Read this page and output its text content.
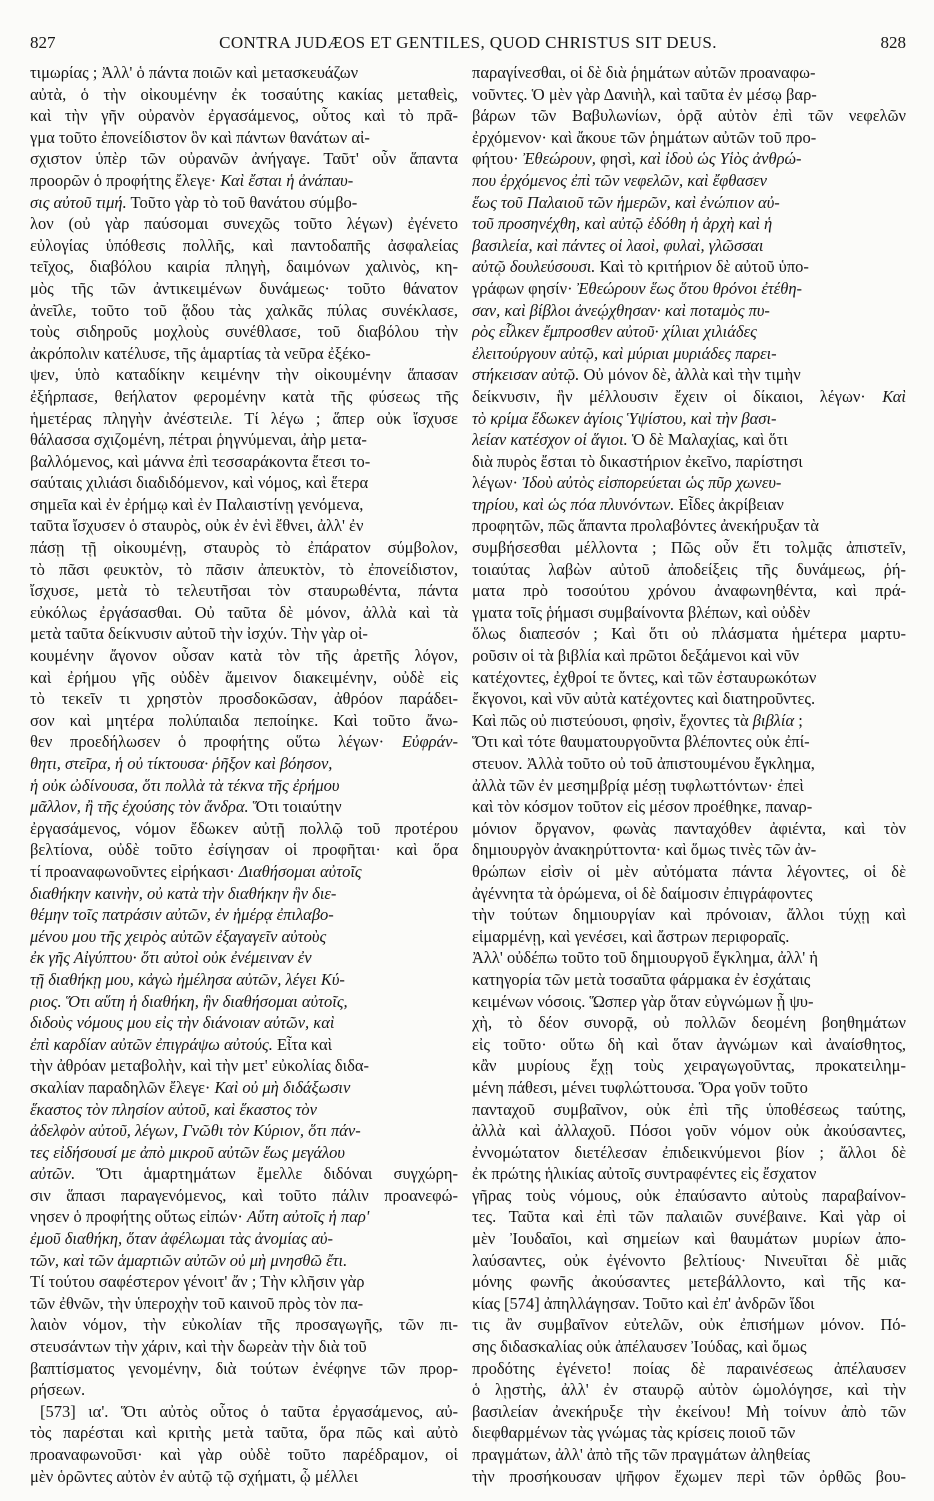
827	CONTRA JUDÆOS ET GENTILES, QUOD CHRISTUS SIT DEUS.	828
τιμωρίας ; Ἀλλ' ὁ πάντα ποιῶν καὶ μετασκευάζων
αὐτὰ, ὁ τὴν οἰκουμένην ἐκ τοσαύτης κακίας μεταθεὶς,
καὶ τὴν γῆν οὐρανὸν ἐργασάμενος, οὗτος καὶ τὸ πρᾶ-
γμα τοῦτο ἐπονείδιστον ὃν καὶ πάντων θανάτων αἰ-
σχιστον ὑπὲρ τῶν οὐρανῶν ἀνήγαγε. Ταῦτ' οὖν ἅπαντα
προορῶν ὁ προφήτης ἔλεγε· Καὶ ἔσται ἡ ἀνάπαυ-
σις αὐτοῦ τιμή. Τοῦτο γὰρ τὸ τοῦ θανάτου σύμβο-
λον (οὐ γὰρ παύσομαι συνεχῶς τοῦτο λέγων) ἐγένετο
εὐλογίας ὑπόθεσις πολλῆς, καὶ παντοδαπῆς ἀσφαλείας
τεῖχος, διαβόλου καιρία πληγὴ, δαιμόνων χαλινὸς, κη-
μὸς τῆς τῶν ἀντικειμένων δυνάμεως· τοῦτο θάνατον
ἀνεῖλε, τοῦτο τοῦ ᾅδου τὰς χαλκᾶς πύλας συνέκλασε,
τοὺς σιδηροῦς μοχλοὺς συνέθλασε, τοῦ διαβόλου τὴν
ἀκρόπολιν κατέλυσε, τῆς ἁμαρτίας τὰ νεῦρα ἐξέκο-
ψεν, ὑπὸ καταδίκην κειμένην τὴν οἰκουμένην ἅπασαν
ἐξήρπασε, θεήλατον φερομένην κατὰ τῆς φύσεως τῆς
ἡμετέρας πληγὴν ἀνέστειλε. Τί λέγω ; ἅπερ οὐκ ἴσχυσε
θάλασσα σχιζομένη, πέτραι ῥηγνύμεναι, ἀὴρ μετα-
βαλλόμενος, καὶ μάννα ἐπὶ τεσσαράκοντα ἔτεσι το-
σαύταις χιλιάσι διαδιδόμενον, καὶ νόμος, καὶ ἕτερα
σημεῖα καὶ ἐν ἐρήμῳ καὶ ἐν Παλαιστίνῃ γενόμενα,
ταῦτα ἴσχυσεν ὁ σταυρὸς, οὐκ ἐν ἑνὶ ἔθνει, ἀλλ' ἐν
πάσῃ τῇ οἰκουμένῃ, σταυρὸς τὸ ἐπάρατον σύμβολον,
τὸ πᾶσι φευκτὸν, τὸ πᾶσιν ἀπευκτὸν, τὸ ἐπονείδιστον,
ἴσχυσε, μετὰ τὸ τελευτῆσαι τὸν σταυρωθέντα, πάντα
εὐκόλως ἐργάσασθαι. Οὐ ταῦτα δὲ μόνον, ἀλλὰ καὶ τὰ
μετὰ ταῦτα δείκνυσιν αὐτοῦ τὴν ἰσχύν. Τὴν γὰρ οἰ-
κουμένην ἄγονον οὖσαν κατὰ τὸν τῆς ἀρετῆς λόγον,
καὶ ἐρήμου γῆς οὐδὲν ἄμεινον διακειμένην, οὐδὲ εἰς
τὸ τεκεῖν τι χρηστὸν προσδοκῶσαν, ἀθρόον παράδει-
σον καὶ μητέρα πολύπαιδα πεποίηκε. Καὶ τοῦτο ἄνω-
θεν προεδήλωσεν ὁ προφήτης οὕτω λέγων· Εὐφράν-
θητι, στεῖρα, ἡ οὐ τίκτουσα· ῥῆξον καὶ βόησον,
ἡ οὐκ ὠδίνουσα, ὅτι πολλὰ τὰ τέκνα τῆς ἐρήμου
μᾶλλον, ἢ τῆς ἐχούσης τὸν ἄνδρα. Ὅτι τοιαύτην
ἐργασάμενος, νόμον ἔδωκεν αὐτῇ πολλῷ τοῦ προτέρου
βελτίονα, οὐδὲ τοῦτο ἐσίγησαν οἱ προφῆται· καὶ ὅρα
τί προαναφωνοῦντες εἰρήκασι· Διαθήσομαι αὐτοῖς
διαθήκην καινὴν, οὐ κατὰ τὴν διαθήκην ἣν διε-
θέμην τοῖς πατράσιν αὐτῶν, ἐν ἡμέρᾳ ἐπιλαβο-
μένου μου τῆς χειρὸς αὐτῶν ἐξαγαγεῖν αὐτοὺς
ἐκ γῆς Αἰγύπτου· ὅτι αὐτοὶ οὐκ ἐνέμειναν ἐν
τῇ διαθήκῃ μου, κἀγὼ ἠμέλησα αὐτῶν, λέγει Κύ-
ριος. Ὅτι αὕτη ἡ διαθήκη, ἣν διαθήσομαι αὐτοῖς,
διδοὺς νόμους μου εἰς τὴν διάνοιαν αὐτῶν, καὶ
ἐπὶ καρδίαν αὐτῶν ἐπιγράψω αὐτούς. Εἶτα καὶ
τὴν ἀθρόαν μεταβολὴν, καὶ τὴν μετ' εὐκολίας διδα-
σκαλίαν παραδηλῶν ἔλεγε· Καὶ οὐ μὴ διδάξωσιν
ἕκαστος τὸν πλησίον αὐτοῦ, καὶ ἕκαστος τὸν
ἀδελφὸν αὐτοῦ, λέγων, Γνῶθι τὸν Κύριον, ὅτι πάν-
τες εἰδήσουσί με ἀπὸ μικροῦ αὐτῶν ἕως μεγάλου
αὐτῶν. Ὅτι ἁμαρτημάτων ἔμελλε διδόναι συγχώρη-
σιν ἅπασι παραγενόμενος, καὶ τοῦτο πάλιν προανεφώ-
νησεν ὁ προφήτης οὕτως εἰπών· Αὕτη αὐτοῖς ἡ παρ'
ἐμοῦ διαθήκη, ὅταν ἀφέλωμαι τὰς ἀνομίας αὐ-
τῶν, καὶ τῶν ἁμαρτιῶν αὐτῶν οὐ μὴ μνησθῶ ἔτι.
Τί τούτου σαφέστερον γένοιτ' ἄν ; Τὴν κλῆσιν γὰρ
τῶν ἐθνῶν, τὴν ὑπεροχὴν τοῦ καινοῦ πρὸς τὸν πα-
λαιὸν νόμον, τὴν εὐκολίαν τῆς προσαγωγῆς, τῶν πι-
στευσάντων τὴν χάριν, καὶ τὴν δωρεὰν τὴν διὰ τοῦ
βαπτίσματος γενομένην, διὰ τούτων ἐνέφηνε τῶν προρ-
ρήσεων.
[573] ια'. Ὅτι αὐτὸς οὗτος ὁ ταῦτα ἐργασάμενος, αὐ-
τὸς παρέσται καὶ κριτὴς μετὰ ταῦτα, ὅρα πῶς καὶ αὐτὸ
προαναφωνοῦσι· καὶ γὰρ οὐδὲ τοῦτο παρέδραμον, οἱ
μὲν ὁρῶντες αὐτὸν ἐν αὐτῷ τῷ σχήματι, ᾧ μέλλει
παραγίνεσθαι, οἱ δὲ διὰ ῥημάτων αὐτῶν προαναφω-
νοῦντες. Ὁ μὲν γὰρ Δανιὴλ, καὶ ταῦτα ἐν μέσῳ βαρ-
βάρων τῶν Βαβυλωνίων, ὁρᾷ αὐτὸν ἐπὶ τῶν νεφελῶν
ἐρχόμενον· καὶ ἄκουε τῶν ῥημάτων αὐτῶν τοῦ προ-
φήτου· Ἐθεώρουν, φησὶ, καὶ ἰδοὺ ὡς Υἱὸς ἀνθρώ-
που ἐρχόμενος ἐπὶ τῶν νεφελῶν, καὶ ἔφθασεν
ἕως τοῦ Παλαιοῦ τῶν ἡμερῶν, καὶ ἐνώπιον αὐ-
τοῦ προσηνέχθη, καὶ αὐτῷ ἐδόθη ἡ ἀρχὴ καὶ ἡ
βασιλεία, καὶ πάντες οἱ λαοὶ, φυλαὶ, γλῶσσαι
αὐτῷ δουλεύσουσι. Καὶ τὸ κριτήριον δὲ αὐτοῦ ὑπο-
γράφων φησίν· Ἐθεώρουν ἕως ὅτου θρόνοι ἐτέθη-
σαν, καὶ βίβλοι ἀνεῴχθησαν· καὶ ποταμὸς πυ-
ρὸς εἷλκεν ἔμπροσθεν αὐτοῦ· χίλιαι χιλιάδες
ἐλειτούργουν αὐτῷ, καὶ μύριαι μυριάδες παρει-
στήκεισαν αὐτῷ. Οὐ μόνον δὲ, ἀλλὰ καὶ τὴν τιμὴν
δείκνυσιν, ἣν μέλλουσιν ἔχειν οἱ δίκαιοι, λέγων· Καὶ
τὸ κρίμα ἔδωκεν ἁγίοις Ὑψίστου, καὶ τὴν βασι-
λείαν κατέσχον οἱ ἅγιοι. Ὁ δὲ Μαλαχίας, καὶ ὅτι
διὰ πυρὸς ἔσται τὸ δικαστήριον ἐκεῖνο, παρίστησι
λέγων· Ἰδοὺ αὐτὸς εἰσπορεύεται ὡς πῦρ χωνευ-
τηρίου, καὶ ὡς πόα πλυνόντων. Εἶδες ἀκρίβειαν
προφητῶν, πῶς ἅπαντα προλαβόντες ἀνεκήρυξαν τὰ
συμβήσεσθαι μέλλοντα ; Πῶς οὖν ἔτι τολμᾷς ἀπιστεῖν,
τοιαύτας λαβὼν αὐτοῦ ἀποδείξεις τῆς δυνάμεως, ῥή-
ματα πρὸ τοσούτου χρόνου ἀναφωνηθέντα, καὶ πρά-
γματα τοῖς ῥήμασι συμβαίνοντα βλέπων, καὶ οὐδὲν
ὅλως διαπεσόν ; Καὶ ὅτι οὐ πλάσματα ἡμέτερα μαρτυ-
ροῦσιν οἱ τὰ βιβλία καὶ πρῶτοι δεξάμενοι καὶ νῦν
κατέχοντες, ἐχθροί τε ὄντες, καὶ τῶν ἐσταυρωκότων
ἔκγονοι, καὶ νῦν αὐτὰ κατέχοντες καὶ διατηροῦντες.
Καὶ πῶς οὐ πιστεύουσι, φησὶν, ἔχοντες τὰ βιβλία ;
Ὅτι καὶ τότε θαυματουργοῦντα βλέποντες οὐκ ἐπί-
στευον. Ἀλλὰ τοῦτο οὐ τοῦ ἀπιστουμένου ἔγκλημα,
ἀλλὰ τῶν ἐν μεσημβρίᾳ μέσῃ τυφλωττόντων· ἐπεὶ
καὶ τὸν κόσμον τοῦτον εἰς μέσον προέθηκε, παναρ-
μόνιον ὄργανον, φωνὰς πανταχόθεν ἀφιέντα, καὶ τὸν
δημιουργὸν ἀνακηρύττοντα· καὶ ὅμως τινὲς τῶν ἀν-
θρώπων εἰσὶν οἱ μὲν αὐτόματα πάντα λέγοντες, οἱ δὲ
ἀγέννητα τὰ ὁρώμενα, οἱ δὲ δαίμοσιν ἐπιγράφοντες
τὴν τούτων δημιουργίαν καὶ πρόνοιαν, ἄλλοι τύχῃ καὶ
εἱμαρμένῃ, καὶ γενέσει, καὶ ἄστρων περιφοραῖς.
Ἀλλ' οὐδέπω τοῦτο τοῦ δημιουργοῦ ἔγκλημα, ἀλλ' ἡ
κατηγορία τῶν μετὰ τοσαῦτα φάρμακα ἐν ἐσχάταις
κειμένων νόσοις. Ὥσπερ γὰρ ὅταν εὐγνώμων ᾖ ψυ-
χὴ, τὸ δέον συνορᾷ, οὐ πολλῶν δεομένη βοηθημάτων
εἰς τοῦτο· οὕτω δὴ καὶ ὅταν ἀγνώμων καὶ ἀναίσθητος,
κἂν μυρίους ἔχῃ τοὺς χειραγωγοῦντας, προκατειλημ-
μένη πάθεσι, μένει τυφλώττουσα. Ὅρα γοῦν τοῦτο
πανταχοῦ συμβαῖνον, οὐκ ἐπὶ τῆς ὑποθέσεως ταύτης,
ἀλλὰ καὶ ἀλλαχοῦ. Πόσοι γοῦν νόμον οὐκ ἀκούσαντες,
ἐννομώτατον διετέλεσαν ἐπιδεικνύμενοι βίον ; ἄλλοι δὲ
ἐκ πρώτης ἡλικίας αὐτοῖς συντραφέντες εἰς ἔσχατον
γῆρας τοὺς νόμους, οὐκ ἐπαύσαντο αὐτοὺς παραβαίνον-
τες. Ταῦτα καὶ ἐπὶ τῶν παλαιῶν συνέβαινε. Καὶ γὰρ οἱ
μὲν Ἰουδαῖοι, καὶ σημείων καὶ θαυμάτων μυρίων ἀπο-
λαύσαντες, οὐκ ἐγένοντο βελτίους· Νινευῖται δὲ μιᾶς
μόνης φωνῆς ἀκούσαντες μετεβάλλοντο, καὶ τῆς κα-
κίας [574] ἀπηλλάγησαν. Τοῦτο καὶ ἐπ' ἀνδρῶν ἴδοι
τις ἂν συμβαῖνον εὐτελῶν, οὐκ ἐπισήμων μόνον. Πό-
σης διδασκαλίας οὐκ ἀπέλαυσεν Ἰούδας, καὶ ὅμως
προδότης ἐγένετο! ποίας δὲ παραινέσεως ἀπέλαυσεν
ὁ λῃστὴς, ἀλλ' ἐν σταυρῷ αὐτὸν ὡμολόγησε, καὶ τὴν
βασιλείαν ἀνεκήρυξε τὴν ἐκείνου! Μὴ τοίνυν ἀπὸ τῶν
διεφθαρμένων τὰς γνώμας τὰς κρίσεις ποιοῦ τῶν
πραγμάτων, ἀλλ' ἀπὸ τῆς τῶν πραγμάτων ἀληθείας
τὴν προσήκουσαν ψῆφον ἔχωμεν περὶ τῶν ὀρθῶς βου-
